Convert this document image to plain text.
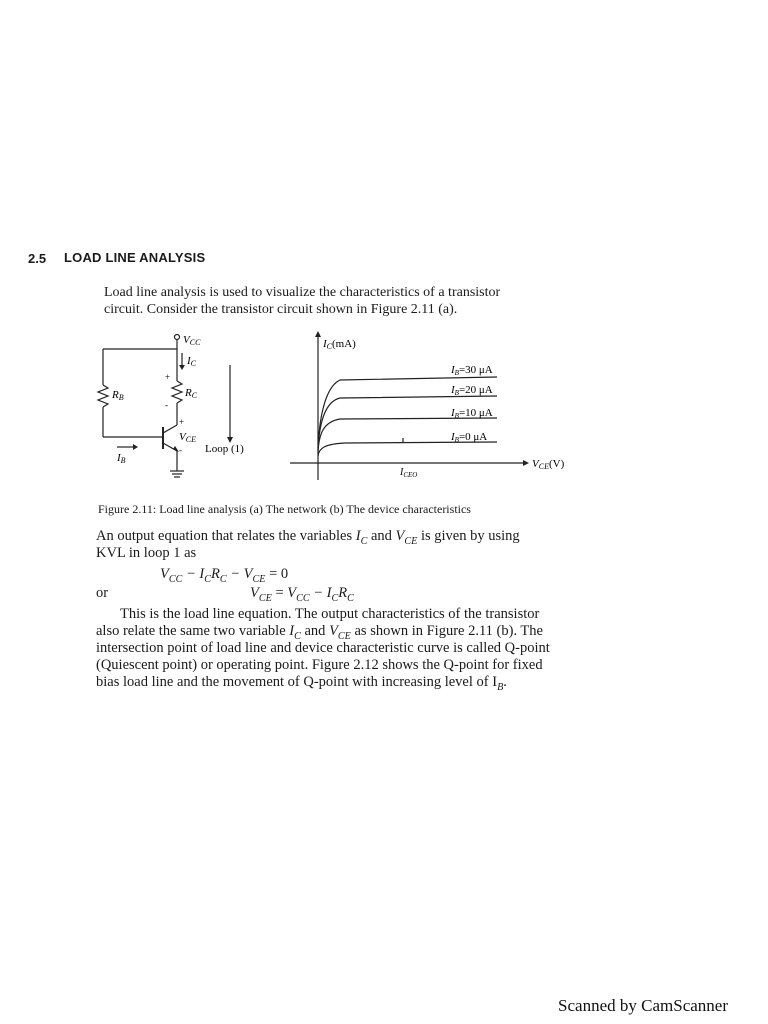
2.5 LOAD LINE ANALYSIS
Load line analysis is used to visualize the characteristics of a transistor
circuit. Consider the transistor circuit shown in Figure 2.11 (a).
VCC
IC
+
RC
-
RB
+
VCE
- Loop (1)
IB
IC(mA)
VCE(V)
$I_{CEO}$
IB=30 μA
IB=20 μA
IB=10 μA
IB=0 μA
Figure 2.11: Load line analysis (a) The network (b) The device characteristics
An output equation that relates the variables $I_C$ and $V_{CE}$ is given by using
KVL in loop 1 as
$V_{CC} - I_CR_C - V_{CE} = 0$
or	$V_{CE} = V_{CC} - I_CR_C$
This is the load line equation. The output characteristics of the transistor
also relate the same two variable $I_C$ and $V_{CE}$ as shown in Figure 2.11 (b). The
intersection point of load line and device characteristic curve is called Q-point
(Quiescent point) or operating point. Figure 2.12 shows the Q-point for fixed
bias load line and the movement of Q-point with increasing level of $I_B$.
Scanned by CamScanner
